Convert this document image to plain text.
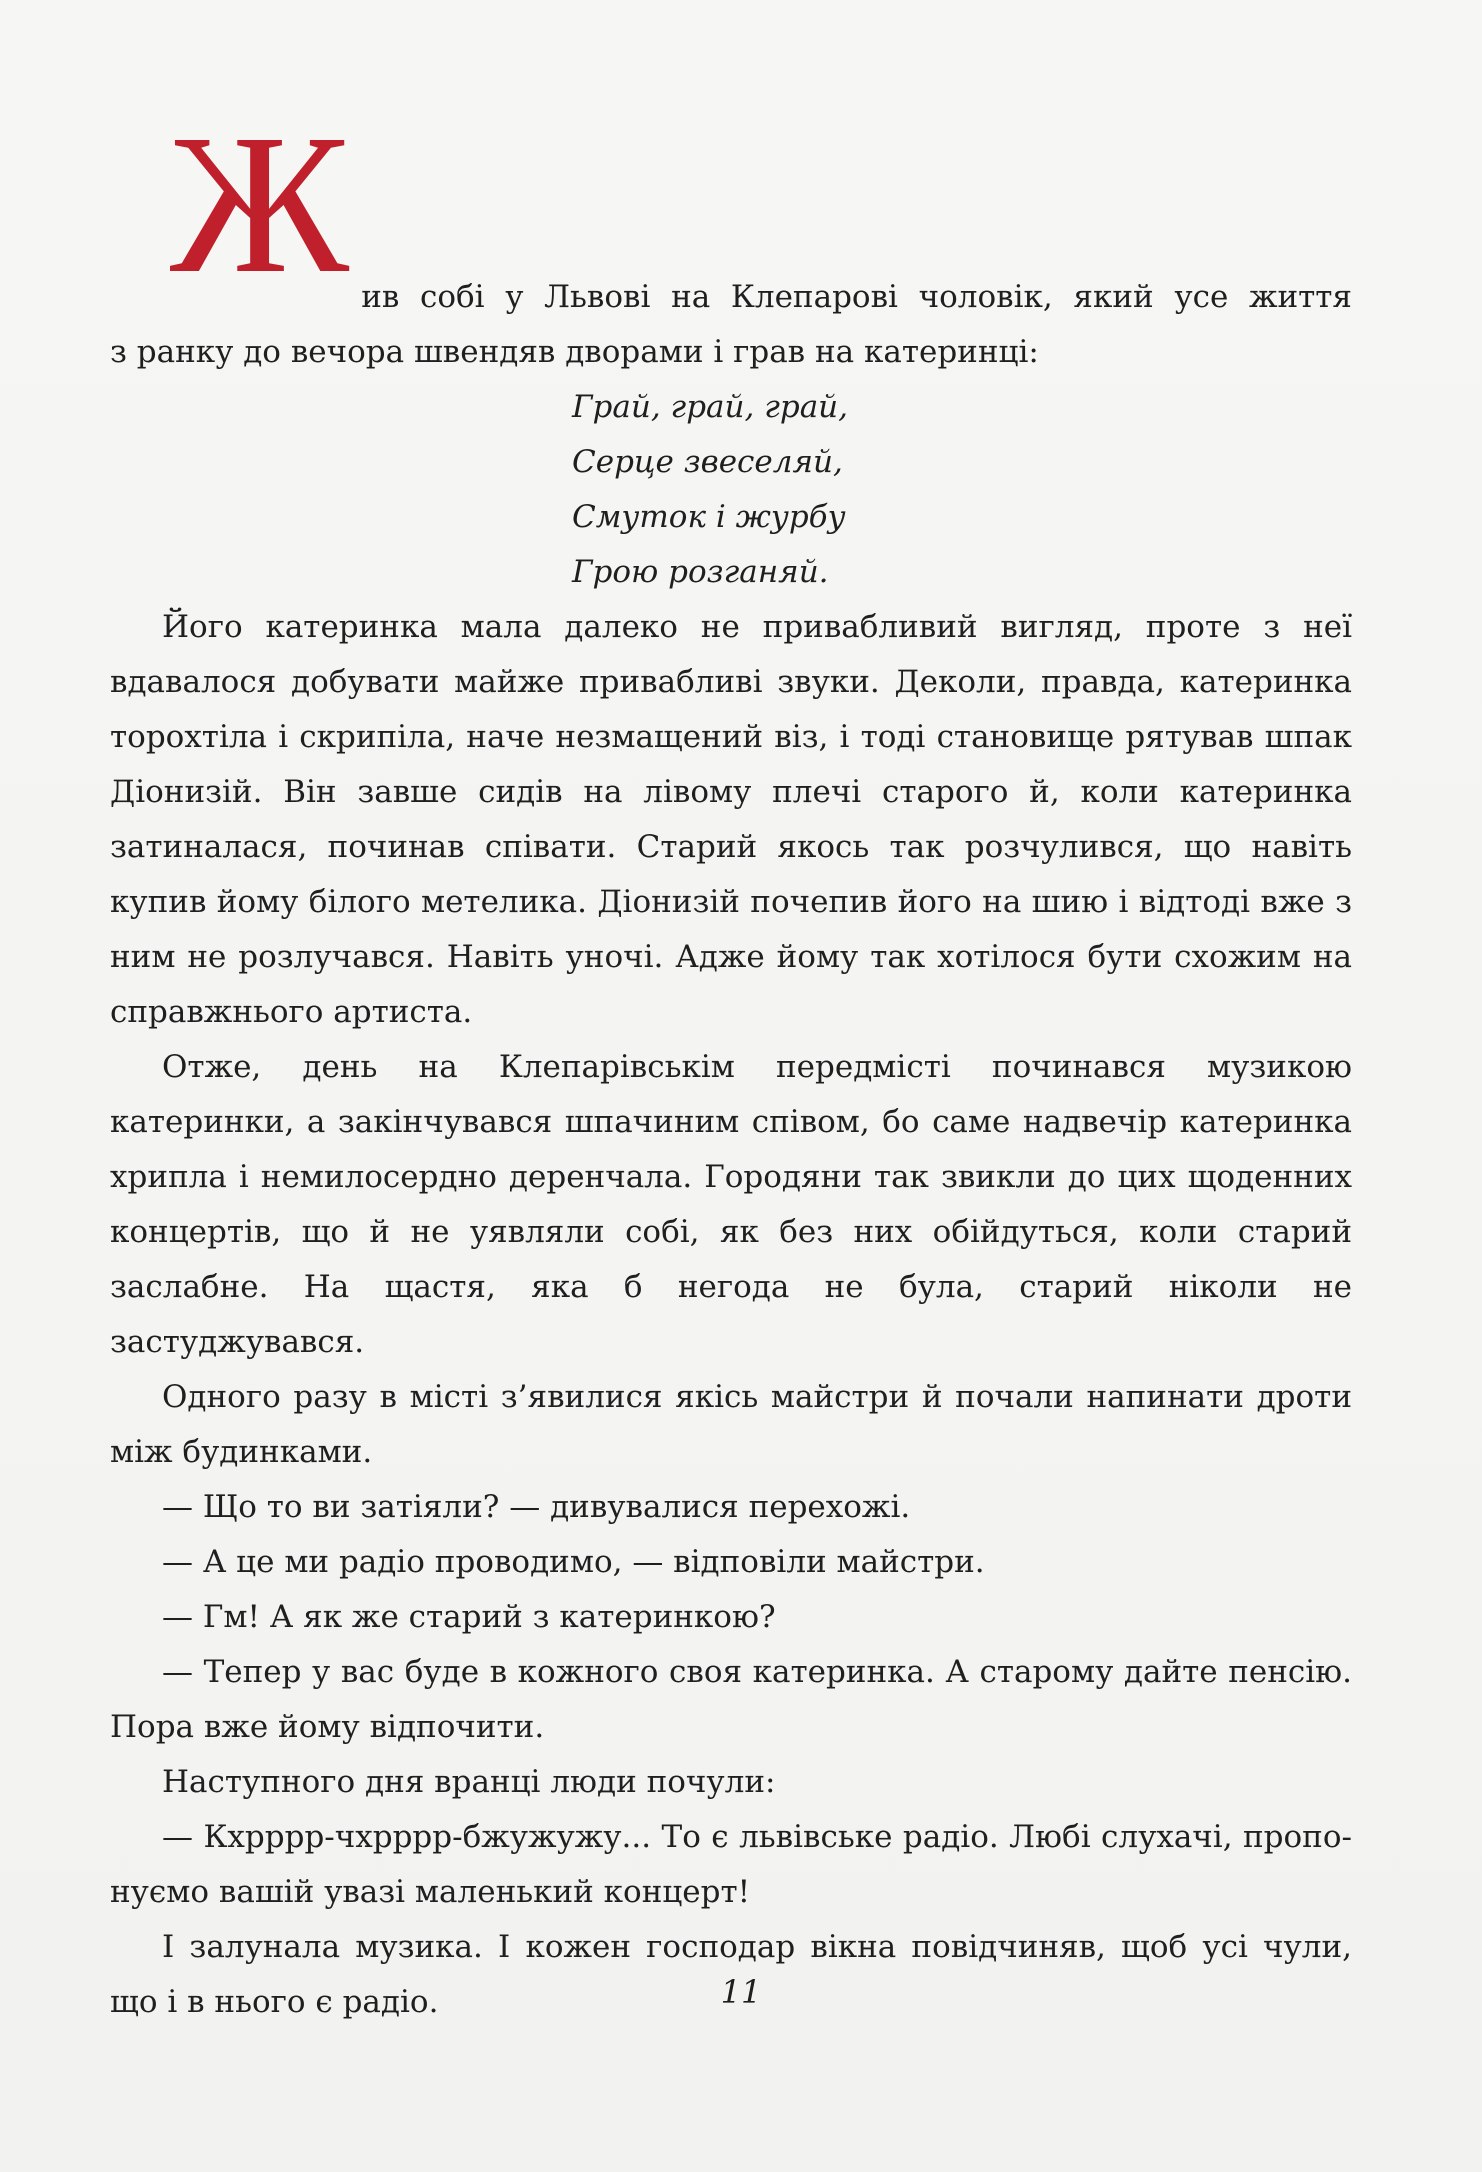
Ж ив собі у Львові на Клепарові чоловік, який усе життя
з ранку до вечора швендяв дворами і грав на катеринці:
Грай, грай, грай,
Серце звеселяй,
Смуток і журбу
Грою розганяй.

Його катеринка мала далеко не привабливий вигляд, проте з неї вдавалося добувати майже привабливі звуки. Деколи, правда, катеринка торохтіла і скрипіла, наче незмащений віз, і тоді становище рятував шпак Діонизій. Він завше сидів на лівому плечі старого й, коли катеринка затиналася, починав співати. Старий якось так розчулився, що навіть купив йому білого метелика. Діонизій почепив його на шию і відтоді вже з ним не розлучався. Навіть уночі. Адже йому так хотілося бути схожим на справжнього артиста.

Отже, день на Клепарівськім передмісті починався музикою катеринки, а закінчувався шпачиним співом, бо саме надвечір катеринка хрипла і немилосердно деренчала. Городяни так звикли до цих щоденних концертів, що й не уявляли собі, як без них обійдуться, коли старий заслабне. На щастя, яка б негода не була, старий ніколи не застуджувався.

Одного разу в місті з’явилися якісь майстри й почали напинати дроти між будинками.

— Що то ви затіяли? — дивувалися перехожі.

— А це ми радіо проводимо, — відповіли майстри.

— Гм! А як же старий з катеринкою?

— Тепер у вас буде в кожного своя катеринка. А старому дайте пенсію. Пора вже йому відпочити.

Наступного дня вранці люди почули:

— Кхрррр-чхрррр-бжужужу... То є львівське радіо. Любі слухачі, пропонуємо вашій увазі маленький концерт!

І залунала музика. І кожен господар вікна повідчиняв, щоб усі чули, що і в нього є радіо.	11
